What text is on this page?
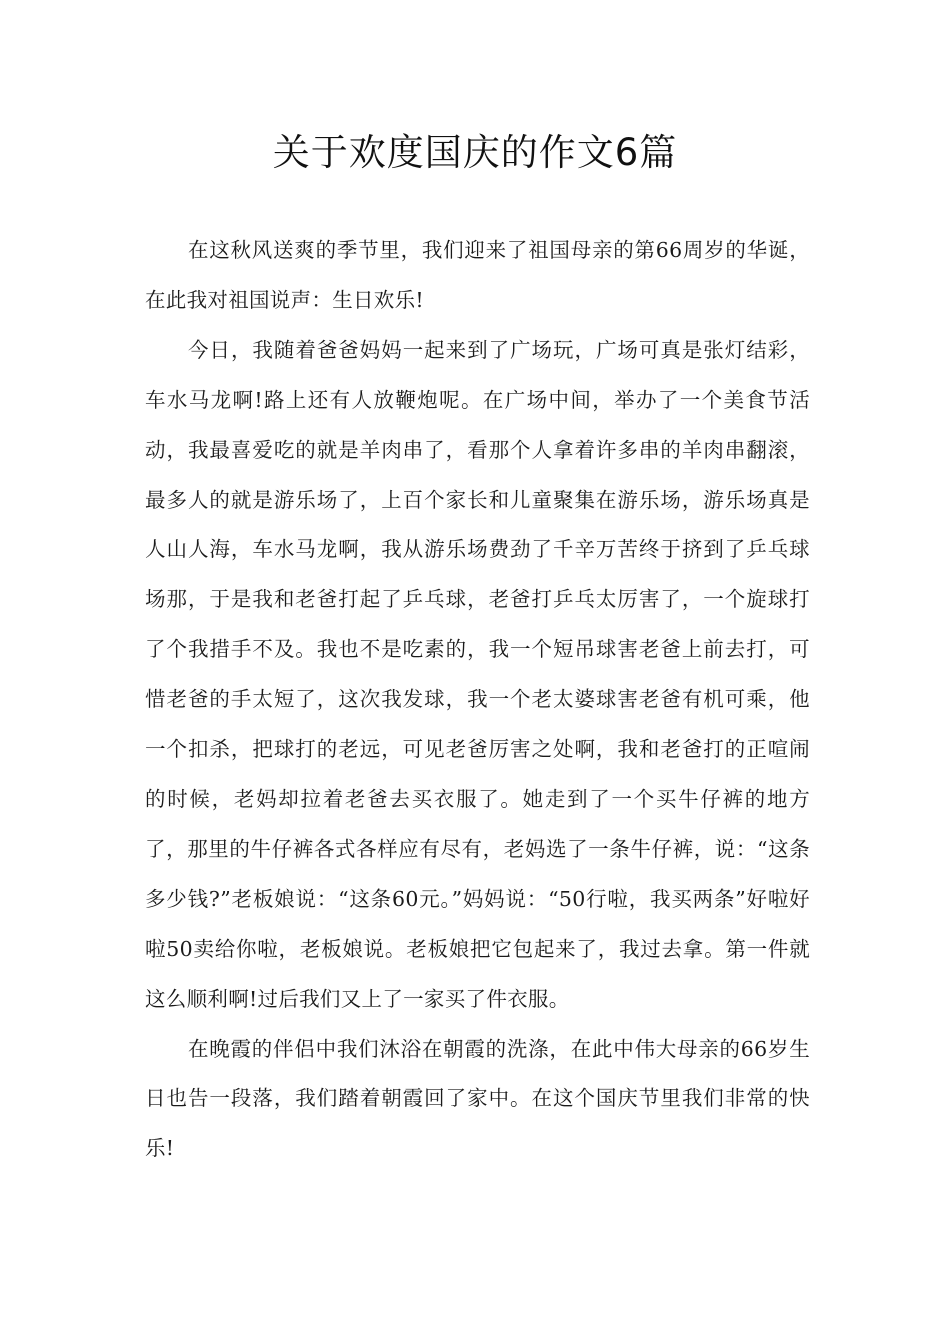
关于欢度国庆的作文6篇

在这秋风送爽的季节里，我们迎来了祖国母亲的第66周岁的华诞，在此我对祖国说声：生日欢乐!

今日，我随着爸爸妈妈一起来到了广场玩，广场可真是张灯结彩，车水马龙啊!路上还有人放鞭炮呢。在广场中间，举办了一个美食节活动，我最喜爱吃的就是羊肉串了，看那个人拿着许多串的羊肉串翻滚，最多人的就是游乐场了，上百个家长和儿童聚集在游乐场，游乐场真是人山人海，车水马龙啊，我从游乐场费劲了千辛万苦终于挤到了乒乓球场那，于是我和老爸打起了乒乓球，老爸打乒乓太厉害了，一个旋球打了个我措手不及。我也不是吃素的，我一个短吊球害老爸上前去打，可惜老爸的手太短了，这次我发球，我一个老太婆球害老爸有机可乘，他一个扣杀，把球打的老远，可见老爸厉害之处啊，我和老爸打的正喧闹的时候，老妈却拉着老爸去买衣服了。她走到了一个买牛仔裤的地方了，那里的牛仔裤各式各样应有尽有，老妈选了一条牛仔裤，说：“这条多少钱?”老板娘说：“这条60元。”妈妈说：“50行啦，我买两条”好啦好啦50卖给你啦，老板娘说。老板娘把它包起来了，我过去拿。第一件就这么顺利啊!过后我们又上了一家买了件衣服。

在晚霞的伴侣中我们沐浴在朝霞的洗涤，在此中伟大母亲的66岁生日也告一段落，我们踏着朝霞回了家中。在这个国庆节里我们非常的快乐!
